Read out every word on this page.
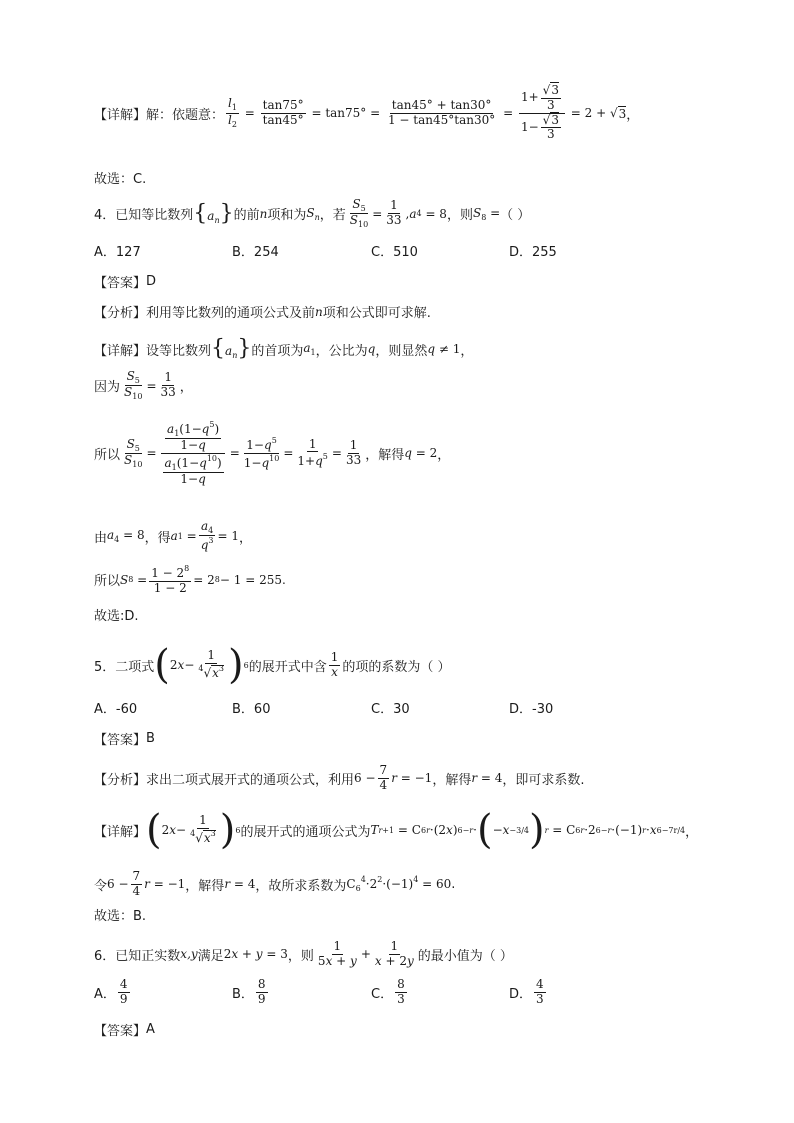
【详解】 解：依题意： $\frac{l_1}{l_2} = \frac{\tan 75^\circ}{\tan 45^\circ} = \tan 75^\circ = \frac{\tan 45^\circ + \tan 30^\circ}{1 - \tan 45^\circ\tan 30^\circ} = \frac{1+ \frac{√3}{3}}{1- \frac{√3}{3}} = 2$ + √ 3 ，
故选：C.
4． 已知等比数列 $\{a_n\}$ 的前 n 项和为 $S_n$ ，若 $\frac{S_5}{S_{10}} = \frac{1}{33}$ , a 4 = 8 ，则 $S_8$ = （ ）
A．127	B．254	C．510	D．255
【答案】 D
【分析】 利用等比数列的通项公式及前 n 项和公式即可求解.
【详解】 设等比数列 $\{a_n\}$ 的首项为 $a_1$ ，公比为 q ，则显然 q ≠ 1 ，
因为 $\frac{S_5}{S_{10}} = \frac{1}{33}$ ，
所以 $\frac{S_5}{S_{10}} = \frac{\frac{a_1(1-q^5)}{1-q}}{\frac{a_1(1-q^{10})}{1-q}} = \frac{1-q^5}{1-q^{10}} = \frac{1}{1+q^5} = \frac{1}{33}$ ，解得 q = 2 ，
由 $a_4 = 8$ ，得 a $1 = \frac{a_4}{q^3} = 1$ ，
所以 S $8 = \frac{1 - 2^8}{1 - 2} = 2$ 8 − 1 = 255.
故选:D.
5． 二项式 ( 2 $x - \frac{1}{^4√x^3}$ ) 6 的展开式中含 $\frac{1}{x}$ 的项的系数为（ ）
A．-60	B．60	C．30	D．-30
【答案】 B
【分析】 求出二项式展开式的通项公式，利用 $6 - \frac{7}{4}$ r = −1 ，解得 r = 4 ，即可求系数.
【详解】 ( 2 $x - \frac{1}{^4√x^3}$ ) 6 的展开式的通项公式为 T r+1 = C 6 r ·(2 x ) 6−r · ( − x −3/4 ) r = C 6 r ·2 6−r ·(−1) r · x 6−7r/4 ，
令 $6 - \frac{7}{4}$ r = −1 ，解得 r = 4 ，故所求系数为 $C_6^4\cdot 2^2\cdot(-1)^4 = 60$ .
故选：B.
6． 已知正实数 x,y 满足 2x + y = 3 ，则 $\frac{1}{5x + y} + \frac{1}{x + 2y}$ 的最小值为（ ）
A． $\frac{4}{9}$	B． $\frac{8}{9}$	C． $\frac{8}{3}$	D． $\frac{4}{3}$
【答案】 A
